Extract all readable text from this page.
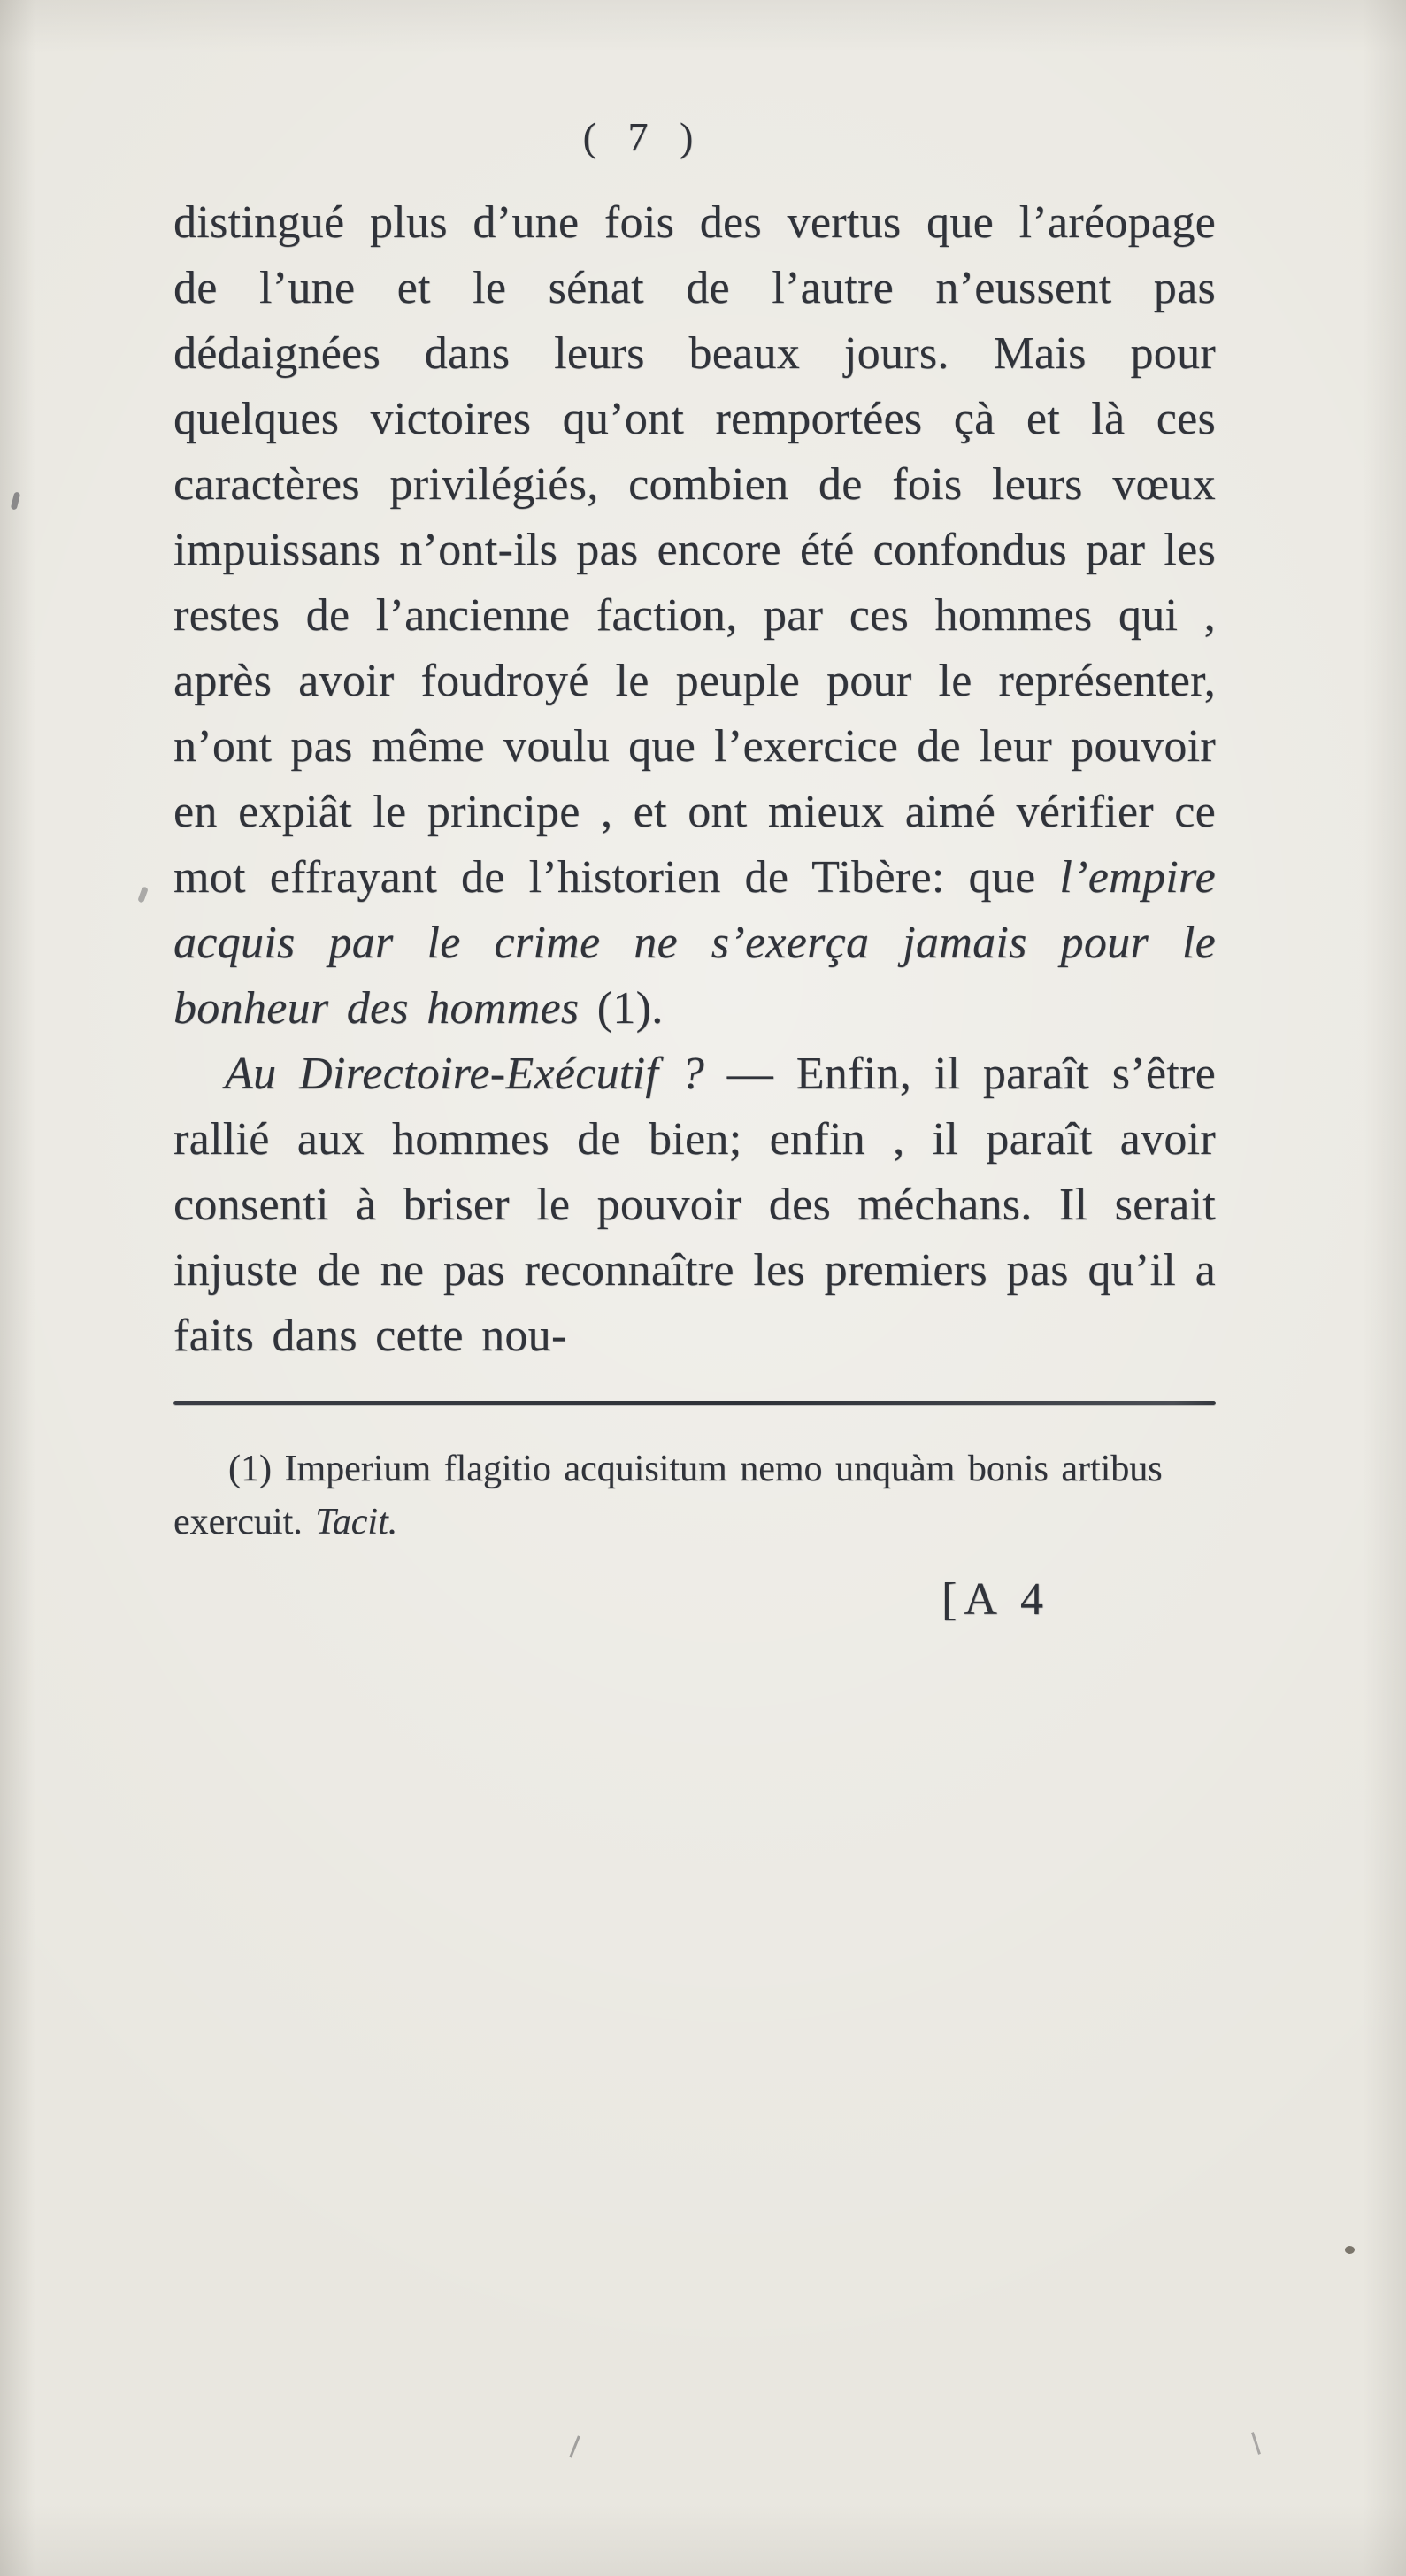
( 7 )

distingué plus d’une fois des vertus que l’aréopage de l’une et le sénat de l’autre n’eussent pas dédaignées dans leurs beaux jours. Mais pour quelques victoires qu’ont remportées çà et là ces caractères privilégiés, combien de fois leurs vœux impuissans n’ont-ils pas encore été confondus par les restes de l’ancienne faction, par ces hommes qui , après avoir foudroyé le peuple pour le représenter, n’ont pas même voulu que l’exercice de leur pouvoir en expiât le principe , et ont mieux aimé vérifier ce mot effrayant de l’historien de Tibère: que l’empire acquis par le crime ne s’exerça jamais pour le bonheur des hommes (1).

Au Directoire-Exécutif ? — Enfin, il paraît s’être rallié aux hommes de bien; enfin , il paraît avoir consenti à briser le pouvoir des méchans. Il serait injuste de ne pas reconnaître les premiers pas qu’il a faits dans cette nou-

(1) Imperium flagitio acquisitum nemo unquàm bonis artibus exercuit. Tacit.

[A 4
